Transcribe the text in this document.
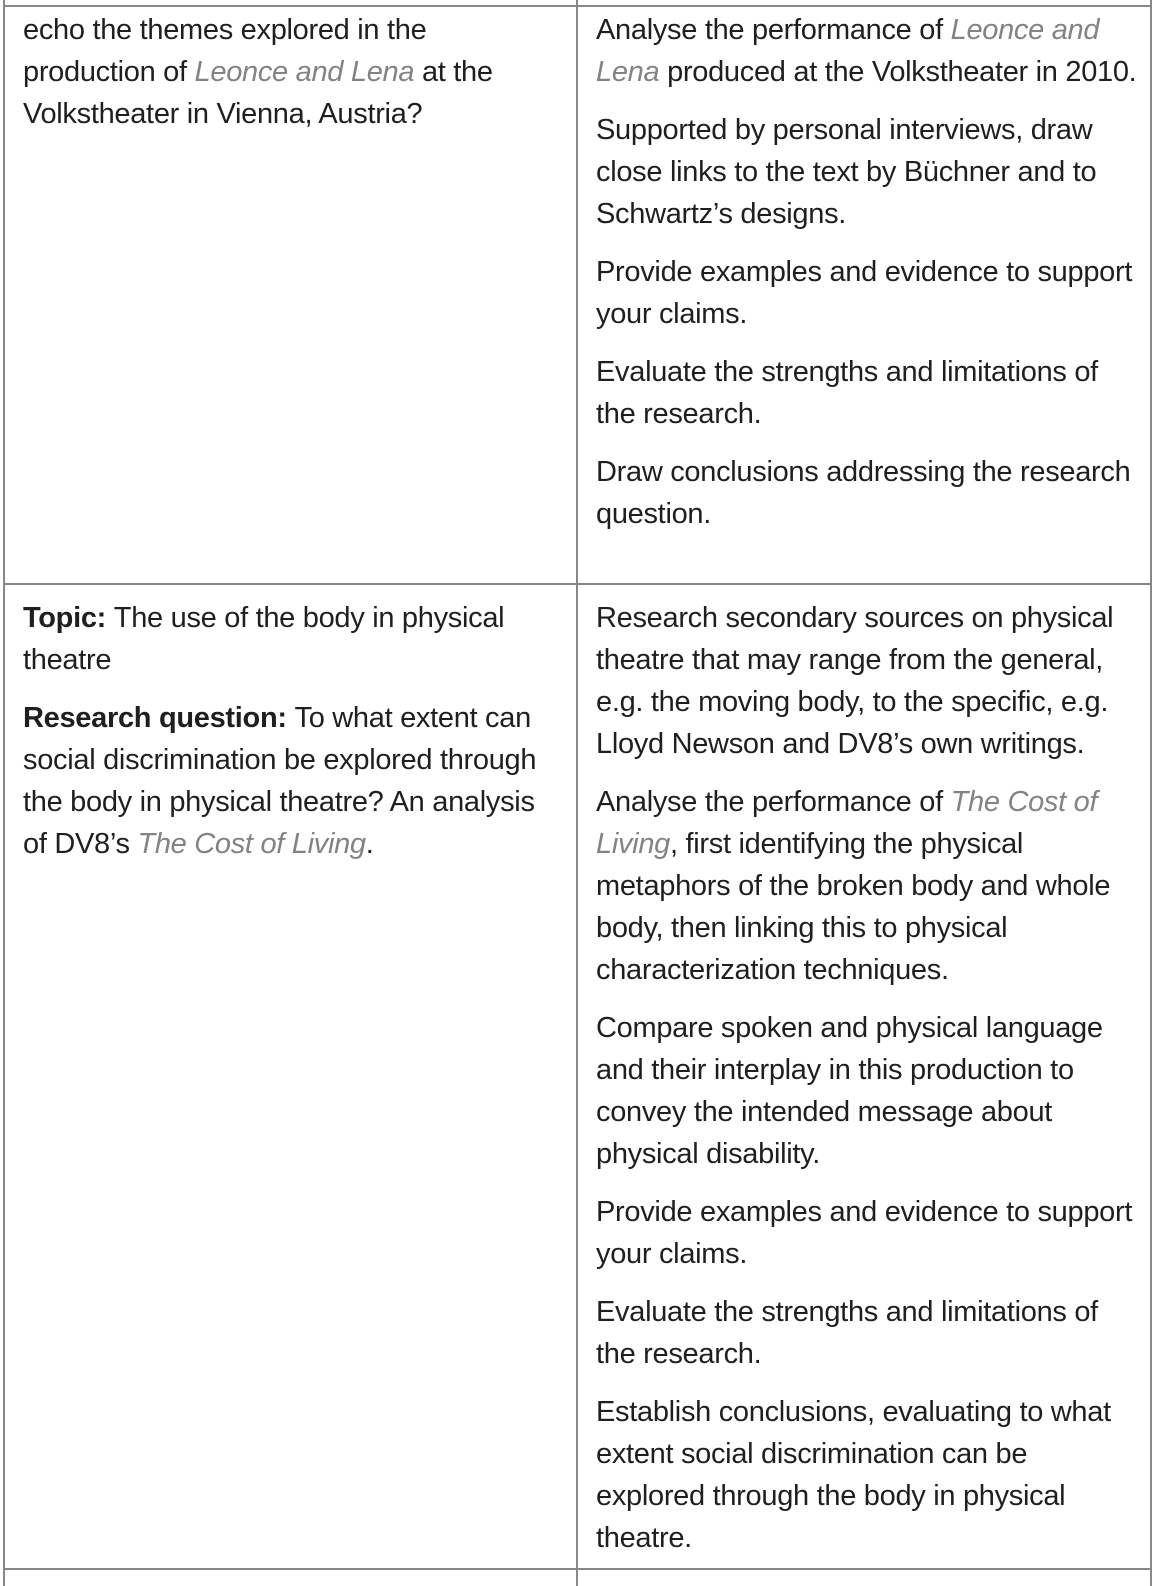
echo the themes explored in the production of Leonce and Lena at the Volkstheater in Vienna, Austria?

Analyse the performance of Leonce and Lena produced at the Volkstheater in 2010.

Supported by personal interviews, draw close links to the text by Büchner and to Schwartz’s designs.

Provide examples and evidence to support your claims.

Evaluate the strengths and limitations of the research.

Draw conclusions addressing the research question.

Topic: The use of the body in physical theatre

Research question: To what extent can social discrimination be explored through the body in physical theatre? An analysis of DV8’s The Cost of Living.

Research secondary sources on physical theatre that may range from the general, e.g. the moving body, to the specific, e.g. Lloyd Newson and DV8’s own writings.

Analyse the performance of The Cost of Living, first identifying the physical metaphors of the broken body and whole body, then linking this to physical characterization techniques.

Compare spoken and physical language and their interplay in this production to convey the intended message about physical disability.

Provide examples and evidence to support your claims.

Evaluate the strengths and limitations of the research.

Establish conclusions, evaluating to what extent social discrimination can be explored through the body in physical theatre.
